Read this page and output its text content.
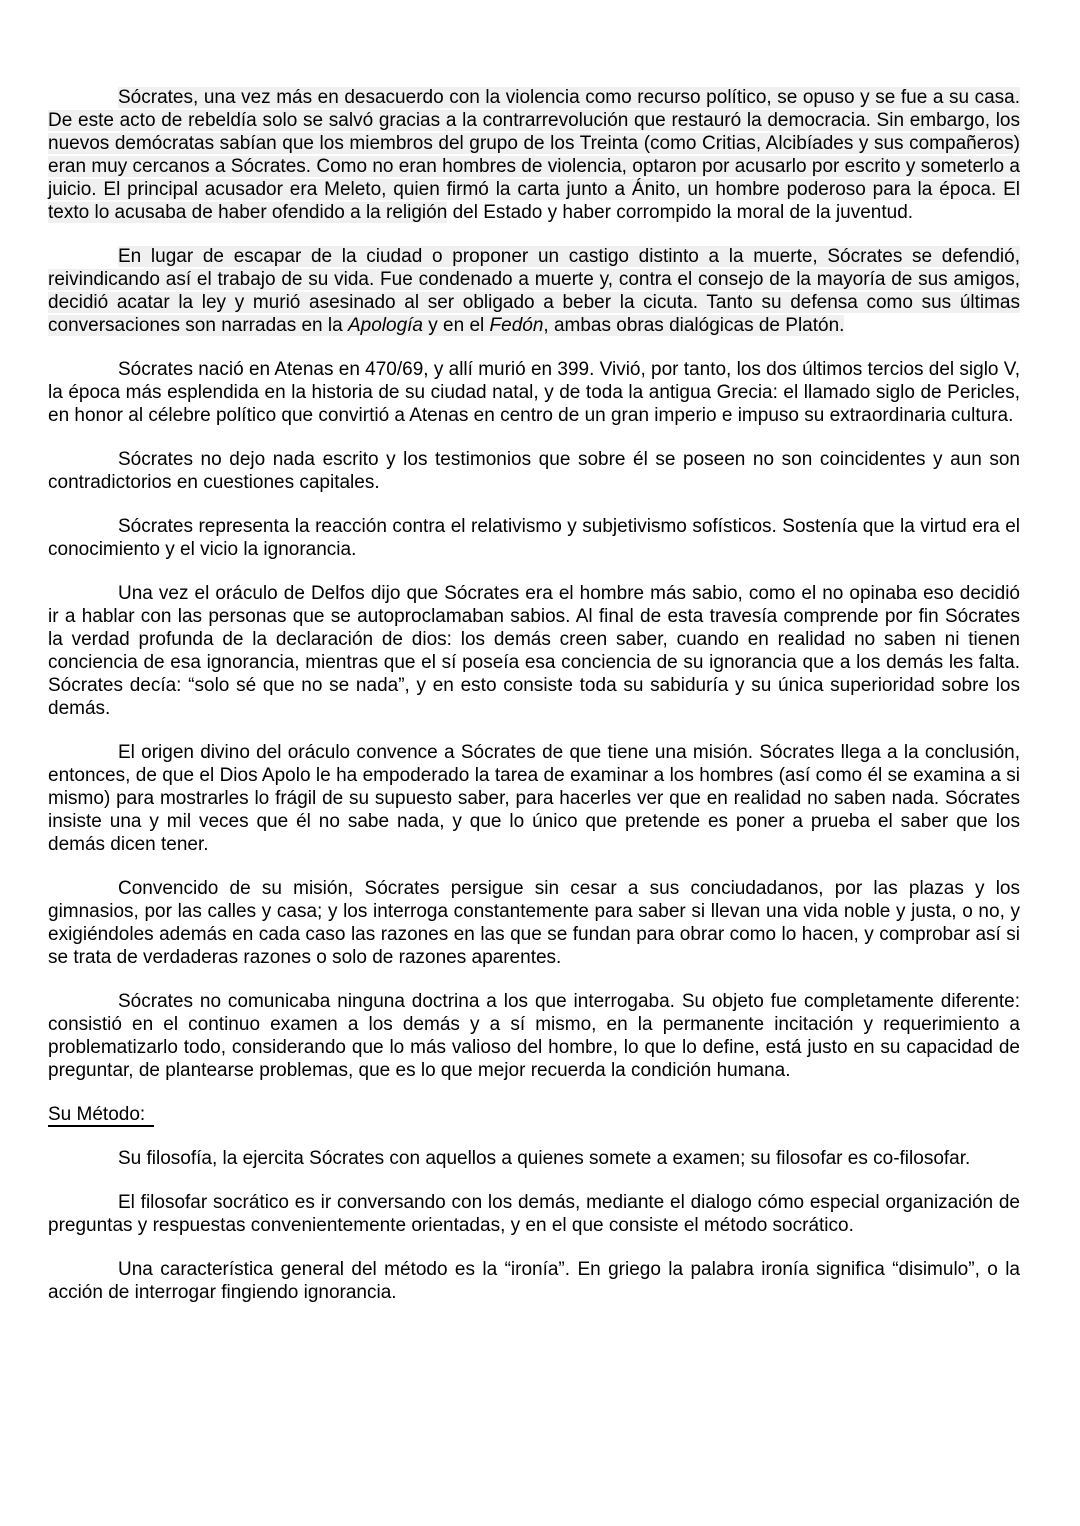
Sócrates, una vez más en desacuerdo con la violencia como recurso político, se opuso y se fue a su casa. De este acto de rebeldía solo se salvó gracias a la contrarrevolución que restauró la democracia. Sin embargo, los nuevos demócratas sabían que los miembros del grupo de los Treinta (como Critias, Alcibíades y sus compañeros) eran muy cercanos a Sócrates. Como no eran hombres de violencia, optaron por acusarlo por escrito y someterlo a juicio. El principal acusador era Meleto, quien firmó la carta junto a Ánito, un hombre poderoso para la época. El texto lo acusaba de haber ofendido a la religión del Estado y haber corrompido la moral de la juventud.

En lugar de escapar de la ciudad o proponer un castigo distinto a la muerte, Sócrates se defendió, reivindicando así el trabajo de su vida. Fue condenado a muerte y, contra el consejo de la mayoría de sus amigos, decidió acatar la ley y murió asesinado al ser obligado a beber la cicuta. Tanto su defensa como sus últimas conversaciones son narradas en la Apología y en el Fedón, ambas obras dialógicas de Platón.

Sócrates nació en Atenas en 470/69, y allí murió en 399. Vivió, por tanto, los dos últimos tercios del siglo V, la época más esplendida en la historia de su ciudad natal, y de toda la antigua Grecia: el llamado siglo de Pericles, en honor al célebre político que convirtió a Atenas en centro de un gran imperio e impuso su extraordinaria cultura.

Sócrates no dejo nada escrito y los testimonios que sobre él se poseen no son coincidentes y aun son contradictorios en cuestiones capitales.

Sócrates representa la reacción contra el relativismo y subjetivismo sofísticos. Sostenía que la virtud era el conocimiento y el vicio la ignorancia.

Una vez el oráculo de Delfos dijo que Sócrates era el hombre más sabio, como el no opinaba eso decidió ir a hablar con las personas que se autoproclamaban sabios. Al final de esta travesía comprende por fin Sócrates la verdad profunda de la declaración de dios: los demás creen saber, cuando en realidad no saben ni tienen conciencia de esa ignorancia, mientras que el sí poseía esa conciencia de su ignorancia que a los demás les falta. Sócrates decía: “solo sé que no se nada”, y en esto consiste toda su sabiduría y su única superioridad sobre los demás.

El origen divino del oráculo convence a Sócrates de que tiene una misión. Sócrates llega a la conclusión, entonces, de que el Dios Apolo le ha empoderado la tarea de examinar a los hombres (así como él se examina a si mismo) para mostrarles lo frágil de su supuesto saber, para hacerles ver que en realidad no saben nada. Sócrates insiste una y mil veces que él no sabe nada, y que lo único que pretende es poner a prueba el saber que los demás dicen tener.

Convencido de su misión, Sócrates persigue sin cesar a sus conciudadanos, por las plazas y los gimnasios, por las calles y casa; y los interroga constantemente para saber si llevan una vida noble y justa, o no, y exigiéndoles además en cada caso las razones en las que se fundan para obrar como lo hacen, y comprobar así si se trata de verdaderas razones o solo de razones aparentes.

Sócrates no comunicaba ninguna doctrina a los que interrogaba. Su objeto fue completamente diferente: consistió en el continuo examen a los demás y a sí mismo, en la permanente incitación y requerimiento a problematizarlo todo, considerando que lo más valioso del hombre, lo que lo define, está justo en su capacidad de preguntar, de plantearse problemas, que es lo que mejor recuerda la condición humana.

Su Método:

Su filosofía, la ejercita Sócrates con aquellos a quienes somete a examen; su filosofar es co-filosofar.

El filosofar socrático es ir conversando con los demás, mediante el dialogo cómo especial organización de preguntas y respuestas convenientemente orientadas, y en el que consiste el método socrático.

Una característica general del método es la “ironía”. En griego la palabra ironía significa “disimulo”, o la acción de interrogar fingiendo ignorancia.
